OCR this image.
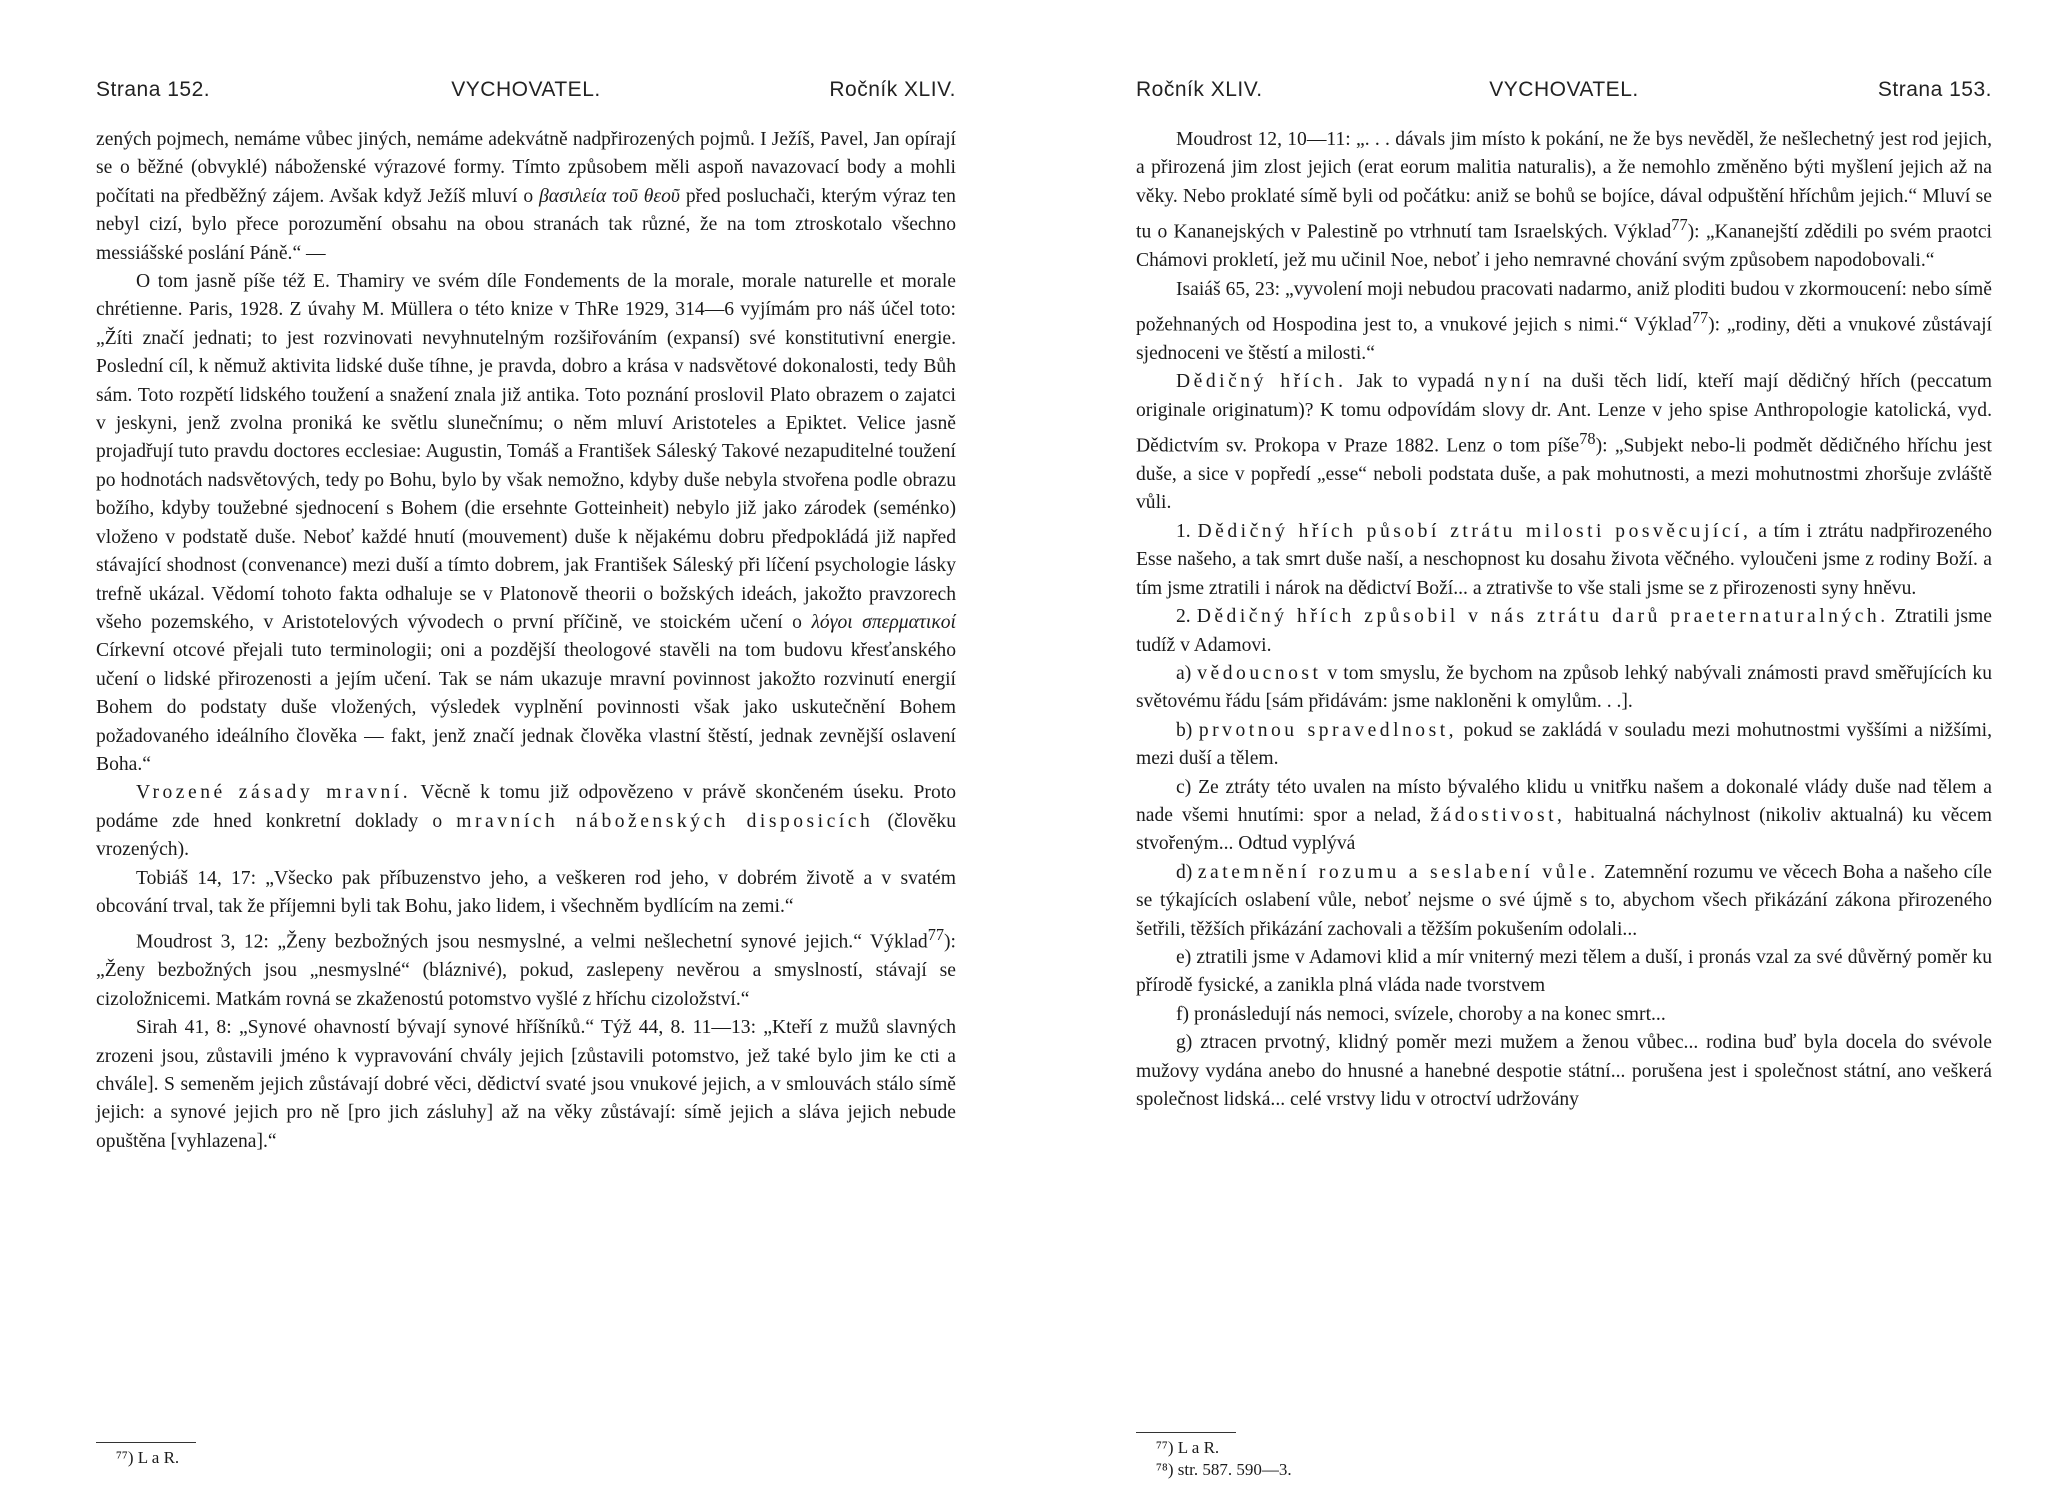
Strana 152.	VYCHOVATEL.	Ročník XLIV.

zených pojmech, nemáme vůbec jiných, nemáme adekvátně nadpřirozených pojmů. I Ježíš, Pavel, Jan opírají se o běžné (obvyklé) náboženské výrazové formy. Tímto způsobem měli aspoň navazovací body a mohli počítati na předběžný zájem. Avšak když Ježíš mluví o βασιλεία τοῦ θεοῦ před posluchači, kterým výraz ten nebyl cizí, bylo přece porozumění obsahu na obou stranách tak různé, že na tom ztroskotalo všechno messiášské poslání Páně.“ —

O tom jasně píše též E. Thamiry ve svém díle Fondements de la morale, morale naturelle et morale chrétienne. Paris, 1928. Z úvahy M. Müllera o této knize v ThRe 1929, 314—6 vyjímám pro náš účel toto: „Žíti značí jednati; to jest rozvinovati nevyhnutelným rozšiřováním (expansí) své konstitutivní energie. Poslední cíl, k němuž aktivita lidské duše tíhne, je pravda, dobro a krása v nadsvětové dokonalosti, tedy Bůh sám. Toto rozpětí lidského toužení a snažení znala již antika. Toto poznání proslovil Plato obrazem o zajatci v jeskyni, jenž zvolna proniká ke světlu slunečnímu; o něm mluví Aristoteles a Epiktet. Velice jasně projadřují tuto pravdu doctores ecclesiae: Augustin, Tomáš a František Sáleský Takové nezapuditelné toužení po hodnotách nadsvětových, tedy po Bohu, bylo by však nemožno, kdyby duše nebyla stvořena podle obrazu božího, kdyby toužebné sjednocení s Bohem (die ersehnte Gotteinheit) nebylo již jako zárodek (seménko) vloženo v podstatě duše. Neboť každé hnutí (mouvement) duše k nějakému dobru předpokládá již napřed stávající shodnost (convenance) mezi duší a tímto dobrem, jak František Sáleský při líčení psychologie lásky trefně ukázal. Vědomí tohoto fakta odhaluje se v Platonově theorii o božských ideách, jakožto pravzorech všeho pozemského, v Aristotelových vývodech o první příčině, ve stoickém učení o λόγοι σπερματικοί Církevní otcové přejali tuto terminologii; oni a pozdější theologové stavěli na tom budovu křesťanského učení o lidské přirozenosti a jejím učení. Tak se nám ukazuje mravní povinnost jakožto rozvinutí energií Bohem do podstaty duše vložených, výsledek vyplnění povinnosti však jako uskutečnění Bohem požadovaného ideálního člověka — fakt, jenž značí jednak člověka vlastní štěstí, jednak zevnější oslavení Boha.“

Vrozené zásady mravní. Věcně k tomu již odpovězeno v právě skončeném úseku. Proto podáme zde hned konkretní doklady o mravních náboženských disposicích (člověku vrozených).

Tobiáš 14, 17: „Všecko pak příbuzenstvo jeho, a veškeren rod jeho, v dobrém životě a v svatém obcování trval, tak že příjemni byli tak Bohu, jako lidem, i všechněm bydlícím na zemi.“

Moudrost 3, 12: „Ženy bezbožných jsou nesmyslné, a velmi nešlechetní synové jejich.“ Výklad$^{77}$): „Ženy bezbožných jsou „nesmyslné“ (bláznivé), pokud, zaslepeny nevěrou a smyslností, stávají se cizoložnicemi. Matkám rovná se zkaženostú potomstvo vyšlé z hříchu cizoložství.“

Sirah 41, 8: „Synové ohavností bývají synové hříšníků.“ Týž 44, 8. 11—13: „Kteří z mužů slavných zrozeni jsou, zůstavili jméno k vypravování chvály jejich [zůstavili potomstvo, jež také bylo jim ke cti a chvále]. S semeněm jejich zůstávají dobré věci, dědictví svaté jsou vnukové jejich, a v smlouvách stálo símě jejich: a synové jejich pro ně [pro jich zásluhy] až na věky zůstávají: símě jejich a sláva jejich nebude opuštěna [vyhlazena].“

⁷⁷) L a R.
Ročník XLIV.	VYCHOVATEL.	Strana 153.

Moudrost 12, 10—11: „. . . dávals jim místo k pokání, ne že bys nevěděl, že nešlechetný jest rod jejich, a přirozená jim zlost jejich (erat eorum malitia naturalis), a že nemohlo změněno býti myšlení jejich až na věky. Nebo proklaté símě byli od počátku: aniž se bohů se bojíce, dával odpuštění hříchům jejich.“ Mluví se tu o Kananejských v Palestině po vtrhnutí tam Israelských. Výklad$^{77}$): „Kananejští zdědili po svém praotci Chámovi prokletí, jež mu učinil Noe, neboť i jeho nemravné chování svým způsobem napodobovali.“

Isaiáš 65, 23: „vyvolení moji nebudou pracovati nadarmo, aniž ploditi budou v zkormoucení: nebo símě požehnaných od Hospodina jest to, a vnukové jejich s nimi.“ Výklad$^{77}$): „rodiny, děti a vnukové zůstávají sjednoceni ve štěstí a milosti.“

Dědičný hřích. Jak to vypadá nyní na duši těch lidí, kteří mají dědičný hřích (peccatum originale originatum)? K tomu odpovídám slovy dr. Ant. Lenze v jeho spise Anthropologie katolická, vyd. Dědictvím sv. Prokopa v Praze 1882. Lenz o tom píše$^{78}$): „Subjekt nebo-li podmět dědičného hříchu jest duše, a sice v popředí „esse“ neboli podstata duše, a pak mohutnosti, a mezi mohutnostmi zhoršuje zvláště vůli.

1. Dědičný hřích působí ztrátu milosti posvěcující, a tím i ztrátu nadpřirozeného Esse našeho, a tak smrt duše naší, a neschopnost ku dosahu života věčného. vyloučeni jsme z rodiny Boží. a tím jsme ztratili i nárok na dědictví Boží... a ztrativše to vše stali jsme se z přirozenosti syny hněvu.

2. Dědičný hřích způsobil v nás ztrátu darů praeternaturalných. Ztratili jsme tudíž v Adamovi.

a) vědoucnost v tom smyslu, že bychom na způsob lehký nabývali známosti pravd směřujících ku světovému řádu [sám přidávám: jsme nakloněni k omylům. . .].

b) prvotnou spravedlnost, pokud se zakládá v souladu mezi mohutnostmi vyššími a nižšími, mezi duší a tělem.

c) Ze ztráty této uvalen na místo bývalého klidu u vnitřku našem a dokonalé vlády duše nad tělem a nade všemi hnutími: spor a nelad, žádostivost, habitualná náchylnost (nikoliv aktualná) ku věcem stvořeným... Odtud vyplývá

d) zatemnění rozumu a seslabení vůle. Zatemnění rozumu ve věcech Boha a našeho cíle se týkajících oslabení vůle, neboť nejsme o své újmě s to, abychom všech přikázání zákona přirozeného šetřili, těžších přikázání zachovali a těžším pokušením odolali...

e) ztratili jsme v Adamovi klid a mír vniterný mezi tělem a duší, i pronás vzal za své důvěrný poměr ku přírodě fysické, a zanikla plná vláda nade tvorstvem

f) pronásledují nás nemoci, svízele, choroby a na konec smrt...

g) ztracen prvotný, klidný poměr mezi mužem a ženou vůbec... rodina buď byla docela do svévole mužovy vydána anebo do hnusné a hanebné despotie státní... porušena jest i společnost státní, ano veškerá společnost lidská... celé vrstvy lidu v otroctví udržovány

⁷⁷) L a R.
⁷⁸) str. 587. 590—3.
